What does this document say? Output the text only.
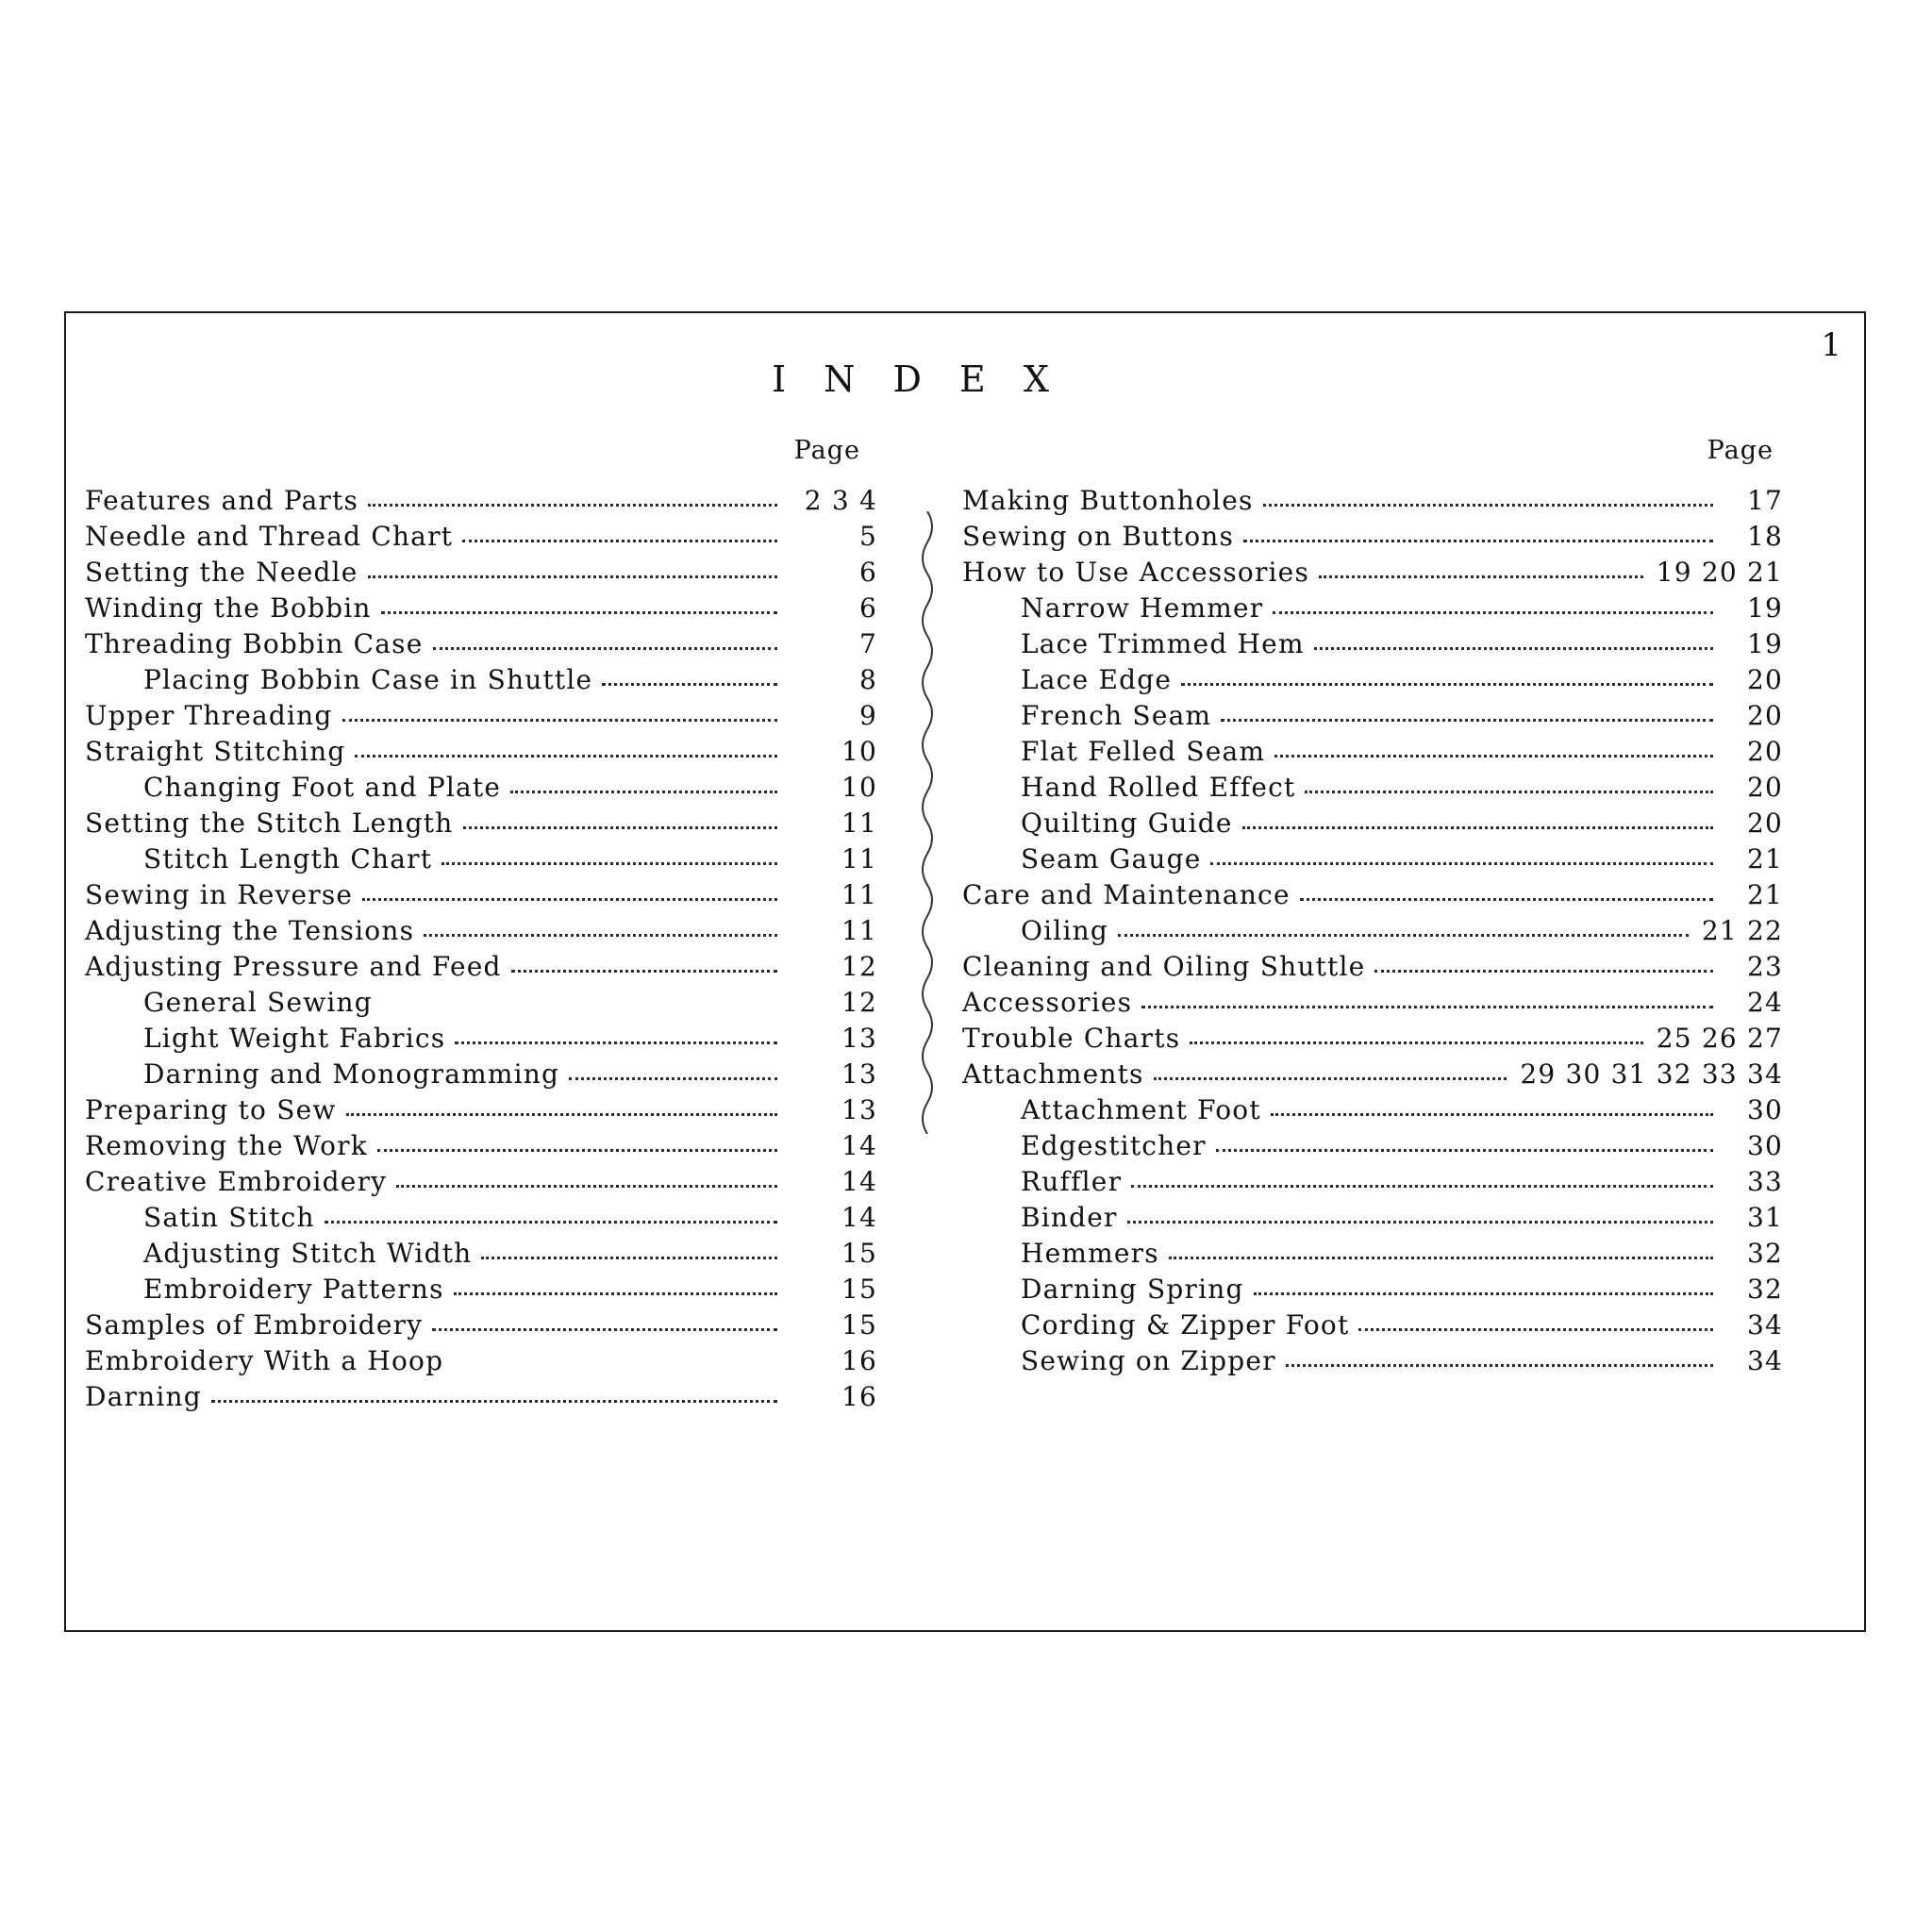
1
I N D E X
Page
Features and Parts	2 3 4
Needle and Thread Chart	5
Setting the Needle	6
Winding the Bobbin	6
Threading Bobbin Case	7
Placing Bobbin Case in Shuttle	8
Upper Threading	9
Straight Stitching	10
Changing Foot and Plate	10
Setting the Stitch Length	11
Stitch Length Chart	11
Sewing in Reverse	11
Adjusting the Tensions	11
Adjusting Pressure and Feed	12
General Sewing	12
Light Weight Fabrics	13
Darning and Monogramming	13
Preparing to Sew	13
Removing the Work	14
Creative Embroidery	14
Satin Stitch	14
Adjusting Stitch Width	15
Embroidery Patterns	15
Samples of Embroidery	15
Embroidery With a Hoop	16
Darning	16
Page
Making Buttonholes	17
Sewing on Buttons	18
How to Use Accessories	19 20 21
Narrow Hemmer	19
Lace Trimmed Hem	19
Lace Edge	20
French Seam	20
Flat Felled Seam	20
Hand Rolled Effect	20
Quilting Guide	20
Seam Gauge	21
Care and Maintenance	21
Oiling	21 22
Cleaning and Oiling Shuttle	23
Accessories	24
Trouble Charts	25 26 27
Attachments	29 30 31 32 33 34
Attachment Foot	30
Edgestitcher	30
Ruffler	33
Binder	31
Hemmers	32
Darning Spring	32
Cording & Zipper Foot	34
Sewing on Zipper	34
